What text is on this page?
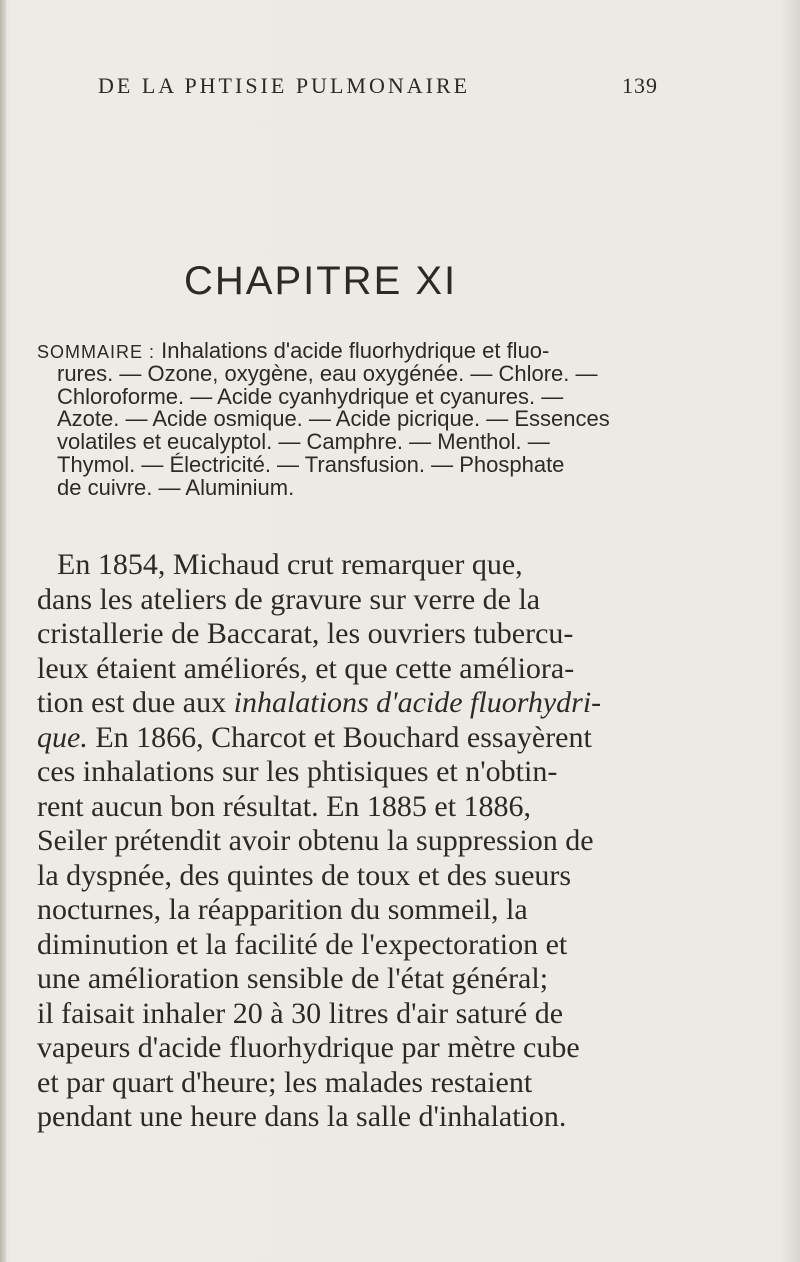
DE LA PHTISIE PULMONAIRE	139
CHAPITRE XI
SOMMAIRE : Inhalations d'acide fluorhydrique et fluo-
rures. — Ozone, oxygène, eau oxygénée. — Chlore. —
Chloroforme. — Acide cyanhydrique et cyanures. —
Azote. — Acide osmique. — Acide picrique. — Essences
volatiles et eucalyptol. — Camphre. — Menthol. —
Thymol. — Électricité. — Transfusion. — Phosphate
de cuivre. — Aluminium.
En 1854, Michaud crut remarquer que,
dans les ateliers de gravure sur verre de la
cristallerie de Baccarat, les ouvriers tubercu-
leux étaient améliorés, et que cette améliora-
tion est due aux inhalations d'acide fluorhydri-
que. En 1866, Charcot et Bouchard essayèrent
ces inhalations sur les phtisiques et n'obtin-
rent aucun bon résultat. En 1885 et 1886,
Seiler prétendit avoir obtenu la suppression de
la dyspnée, des quintes de toux et des sueurs
nocturnes, la réapparition du sommeil, la
diminution et la facilité de l'expectoration et
une amélioration sensible de l'état général;
il faisait inhaler 20 à 30 litres d'air saturé de
vapeurs d'acide fluorhydrique par mètre cube
et par quart d'heure; les malades restaient
pendant une heure dans la salle d'inhalation.
